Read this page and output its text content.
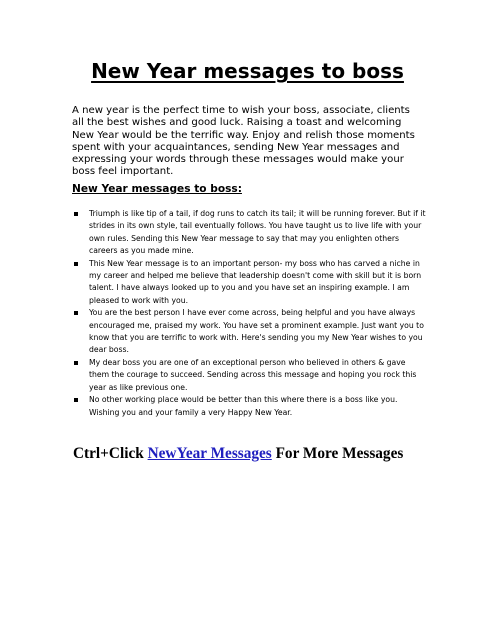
New Year messages to boss

A new year is the perfect time to wish your boss, associate, clients all the best wishes and good luck. Raising a toast and welcoming New Year would be the terrific way. Enjoy and relish those moments spent with your acquaintances, sending New Year messages and expressing your words through these messages would make your boss feel important.

New Year messages to boss:
Triumph is like tip of a tail, if dog runs to catch its tail; it will be running forever. But if it strides in its own style, tail eventually follows. You have taught us to live life with your own rules. Sending this New Year message to say that may you enlighten others careers as you made mine.
This New Year message is to an important person- my boss who has carved a niche in my career and helped me believe that leadership doesn't come with skill but it is born talent. I have always looked up to you and you have set an inspiring example. I am pleased to work with you.
You are the best person I have ever come across, being helpful and you have always encouraged me, praised my work. You have set a prominent example. Just want you to know that you are terrific to work with. Here's sending you my New Year wishes to you dear boss.
My dear boss you are one of an exceptional person who believed in others & gave them the courage to succeed. Sending across this message and hoping you rock this year as like previous one.
No other working place would be better than this where there is a boss like you. Wishing you and your family a very Happy New Year.

Ctrl+Click NewYear Messages For More Messages
